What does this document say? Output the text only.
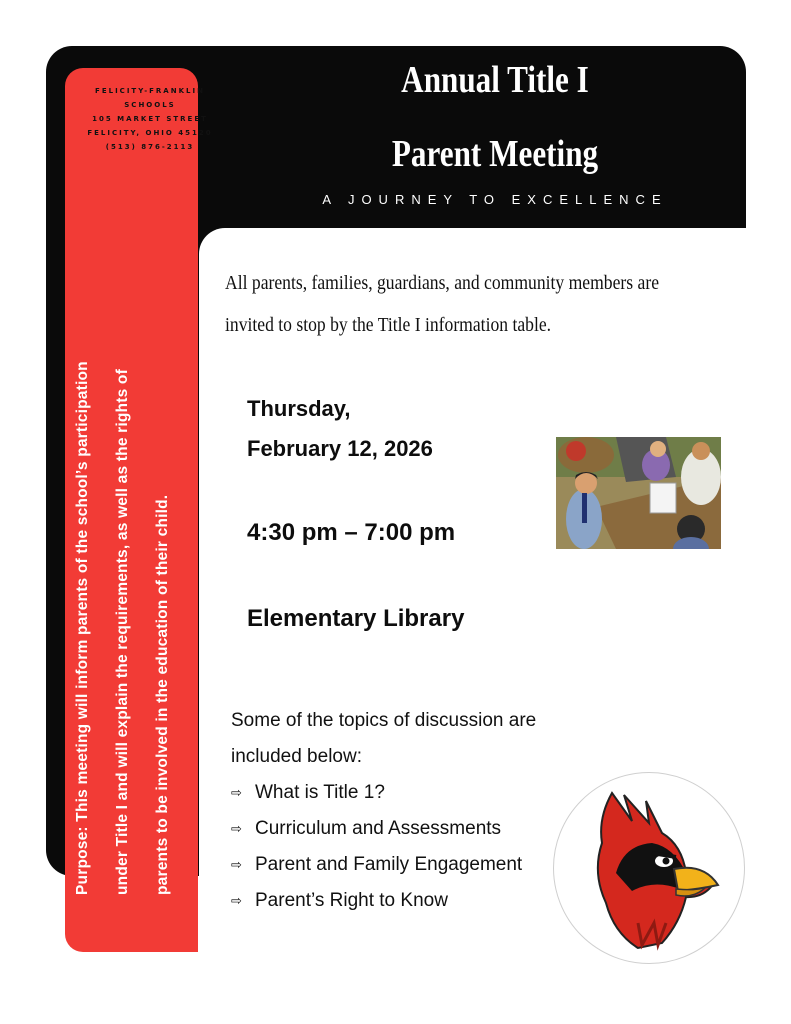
FELICITY-FRANKLIN SCHOOLS
105 MARKET STREET
FELICITY, OHIO 45120
(513) 876-2113
Annual Title I
Parent Meeting
A JOURNEY TO EXCELLENCE
Purpose: This meeting will inform parents of the school’s participation	under Title I and will explain the requirements, as well as the rights of	parents to be involved in the education of their child.
All parents, families, guardians, and community members are invited to stop by the Title I information table.
Thursday,
February 12, 2026
4:30 pm – 7:00 pm
Elementary Library
Some of the topics of discussion are
included below:
⇨ What is Title 1?
⇨ Curriculum and Assessments
⇨ Parent and Family Engagement
⇨ Parent’s Right to Know
